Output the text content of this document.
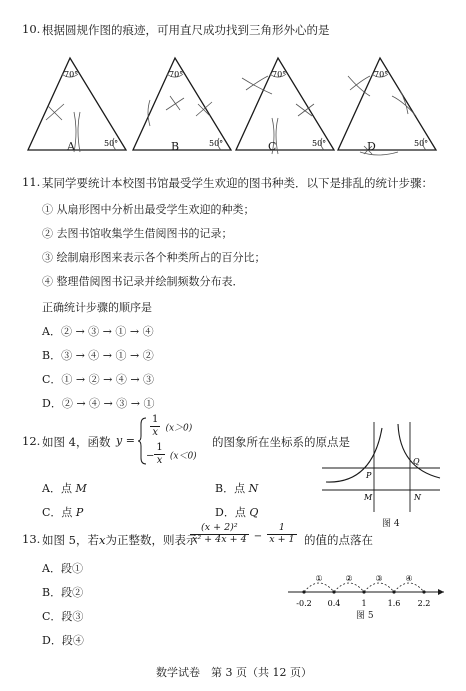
10. 根据圆规作图的痕迹，可用直尺成功找到三角形外心的是
70°
50°
70°
50°
70°
50°
70°
50°
A	B	C	D
11. 某同学要统计本校图书馆最受学生欢迎的图书种类．以下是排乱的统计步骤：
① 从扇形图中分析出最受学生欢迎的种类；
② 去图书馆收集学生借阅图书的记录；
③ 绘制扇形图来表示各个种类所占的百分比；
④ 整理借阅图书记录并绘制频数分布表．
正确统计步骤的顺序是
A．② → ③ → ① → ④
B．③ → ④ → ① → ②
C．① → ② → ④ → ③
D．② → ④ → ③ → ①
12. 如图 4，函数 y =
$\frac{1}{x} (x>0)$
− $\frac{1}{x} (x<0)$
的图象所在坐标系的原点是
A．点 M	B．点 N
C．点 P	D．点 Q
P
Q
M	N
图 4
13. 如图 5，若x为正整数，则表示
$\frac{\text{(x + 2)²}}{\text{x² + 4x + 4}} - \frac{1}{x + 1}$ 的值的点落在
A．段①
B．段②
C．段③
D．段④
①	②	③	④
-0.2 0.4	1	1.6 2.2
图 5
数学试卷　第 3 页（共 12 页）
